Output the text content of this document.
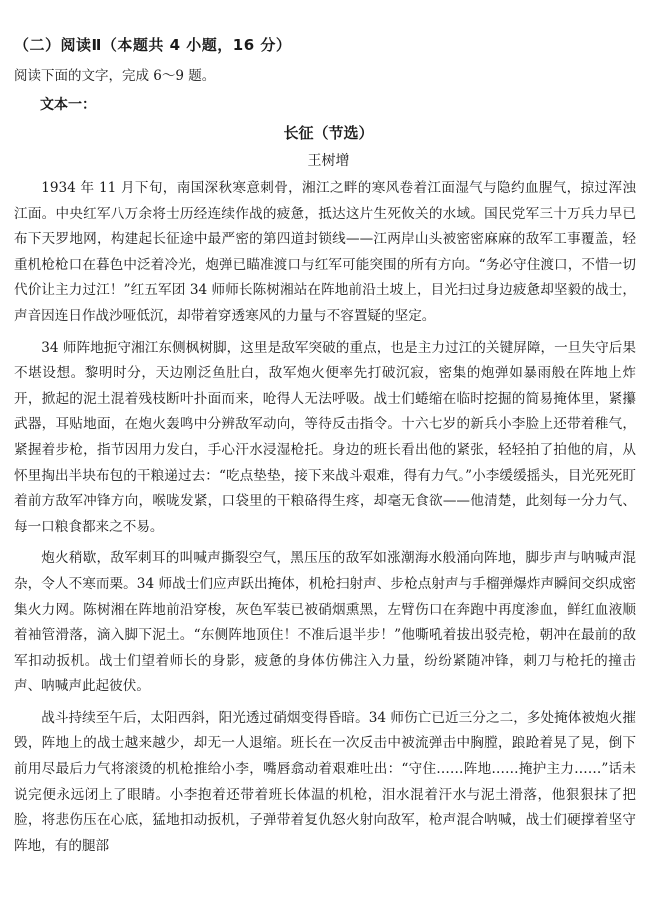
（二）阅读Ⅱ（本题共 4 小题，16 分）
阅读下面的文字，完成 6～9 题。
文本一：
长征（节选）
王树增

1934 年 11 月下旬，南国深秋寒意刺骨，湘江之畔的寒风卷着江面湿气与隐约血腥气，掠过浑浊江面。中央红军八万余将士历经连续作战的疲惫，抵达这片生死攸关的水域。国民党军三十万兵力早已布下天罗地网，构建起长征途中最严密的第四道封锁线——江两岸山头被密密麻麻的敌军工事覆盖，轻重机枪枪口在暮色中泛着冷光，炮弹已瞄准渡口与红军可能突围的所有方向。“务必守住渡口，不惜一切代价让主力过江！”红五军团 34 师师长陈树湘站在阵地前沿土坡上，目光扫过身边疲惫却坚毅的战士，声音因连日作战沙哑低沉，却带着穿透寒风的力量与不容置疑的坚定。

34 师阵地扼守湘江东侧枫树脚，这里是敌军突破的重点，也是主力过江的关键屏障，一旦失守后果不堪设想。黎明时分，天边刚泛鱼肚白，敌军炮火便率先打破沉寂，密集的炮弹如暴雨般在阵地上炸开，掀起的泥土混着残枝断叶扑面而来，呛得人无法呼吸。战士们蜷缩在临时挖掘的简易掩体里，紧攥武器，耳贴地面，在炮火轰鸣中分辨敌军动向，等待反击指令。十六七岁的新兵小李脸上还带着稚气，紧握着步枪，指节因用力发白，手心汗水浸湿枪托。身边的班长看出他的紧张，轻轻拍了拍他的肩，从怀里掏出半块布包的干粮递过去：“吃点垫垫，接下来战斗艰难，得有力气。”小李缓缓摇头，目光死死盯着前方敌军冲锋方向，喉咙发紧，口袋里的干粮硌得生疼，却毫无食欲——他清楚，此刻每一分力气、每一口粮食都来之不易。

炮火稍歇，敌军刺耳的叫喊声撕裂空气，黑压压的敌军如涨潮海水般涌向阵地，脚步声与呐喊声混杂，令人不寒而栗。34 师战士们应声跃出掩体，机枪扫射声、步枪点射声与手榴弹爆炸声瞬间交织成密集火力网。陈树湘在阵地前沿穿梭，灰色军装已被硝烟熏黑，左臂伤口在奔跑中再度渗血，鲜红血液顺着袖管滑落，滴入脚下泥土。“东侧阵地顶住！不准后退半步！”他嘶吼着拔出驳壳枪，朝冲在最前的敌军扣动扳机。战士们望着师长的身影，疲惫的身体仿佛注入力量，纷纷紧随冲锋，刺刀与枪托的撞击声、呐喊声此起彼伏。

战斗持续至午后，太阳西斜，阳光透过硝烟变得昏暗。34 师伤亡已近三分之二，多处掩体被炮火摧毁，阵地上的战士越来越少，却无一人退缩。班长在一次反击中被流弹击中胸膛，踉跄着晃了晃，倒下前用尽最后力气将滚烫的机枪推给小李，嘴唇翕动着艰难吐出：“守住……阵地……掩护主力……”话未说完便永远闭上了眼睛。小李抱着还带着班长体温的机枪，泪水混着汗水与泥土滑落，他狠狠抹了把脸，将悲伤压在心底，猛地扣动扳机，子弹带着复仇怒火射向敌军，枪声混合呐喊，战士们硬撑着坚守阵地，有的腿部
